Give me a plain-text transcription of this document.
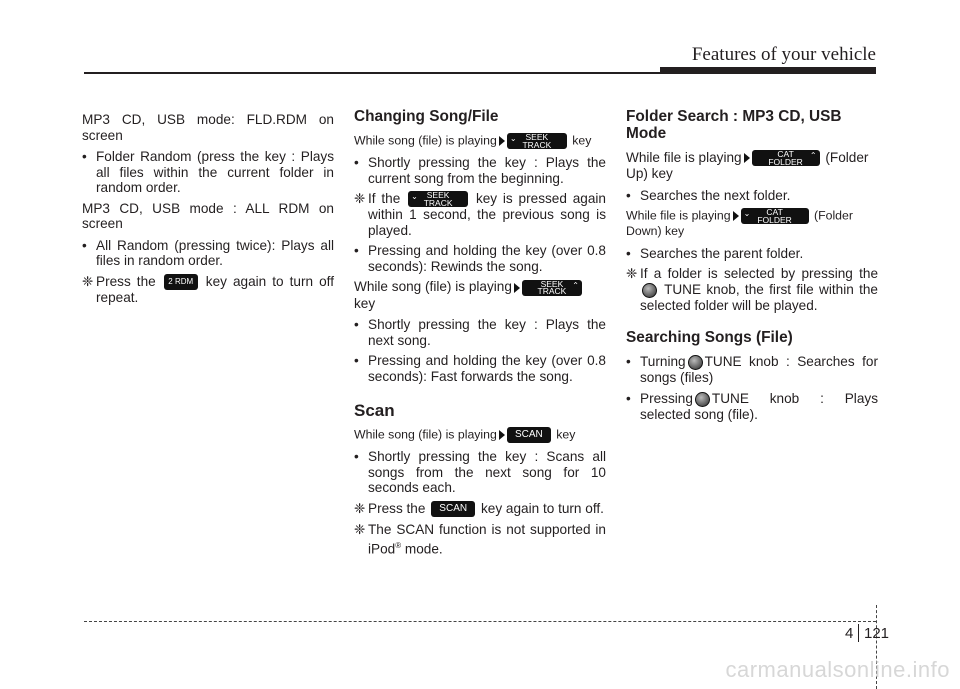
Features of your vehicle

MP3 CD, USB mode: FLD.RDM on screen

• Folder Random (press the key : Plays all files within the current folder in random order.

MP3 CD, USB mode : ALL RDM on screen

• All Random (pressing twice): Plays all files in random order.
❈ Press the 2 RDM key again to turn off repeat.
Changing Song/File

While song (file) is playing ⌄ SEEK
TRACK key

• Shortly pressing the key : Plays the current song from the beginning.
❈ If the ⌄ SEEK
TRACK key is pressed again within 1 second, the previous song is played.
• Pressing and holding the key (over 0.8 seconds): Rewinds the song.

While song (file) is playing	SEEK
TRACK
⌃

key

• Shortly pressing the key : Plays the next song.
• Pressing and holding the key (over 0.8 seconds): Fast forwards the song.
Scan

While song (file) is playing SCAN key

• Shortly pressing the key : Scans all songs from the next song for 10 seconds each.
❈ Press the SCAN key again to turn off.
❈ The SCAN function is not supported in iPod® mode.
Folder Search : MP3 CD, USB Mode

While file is playing	CAT
FOLDER
⌃ (Folder Up) key

• Searches the next folder.

While file is playing ⌄ CAT
FOLDER (Folder Down) key

• Searches the parent folder.
❈ If a folder is selected by pressing the  TUNE knob, the first file within the selected folder will be played.
Searching Songs (File)
• Turning TUNE knob : Searches for songs (files)
• Pressing TUNE knob : Plays selected song (file).
4 121
carmanualsonline.info
